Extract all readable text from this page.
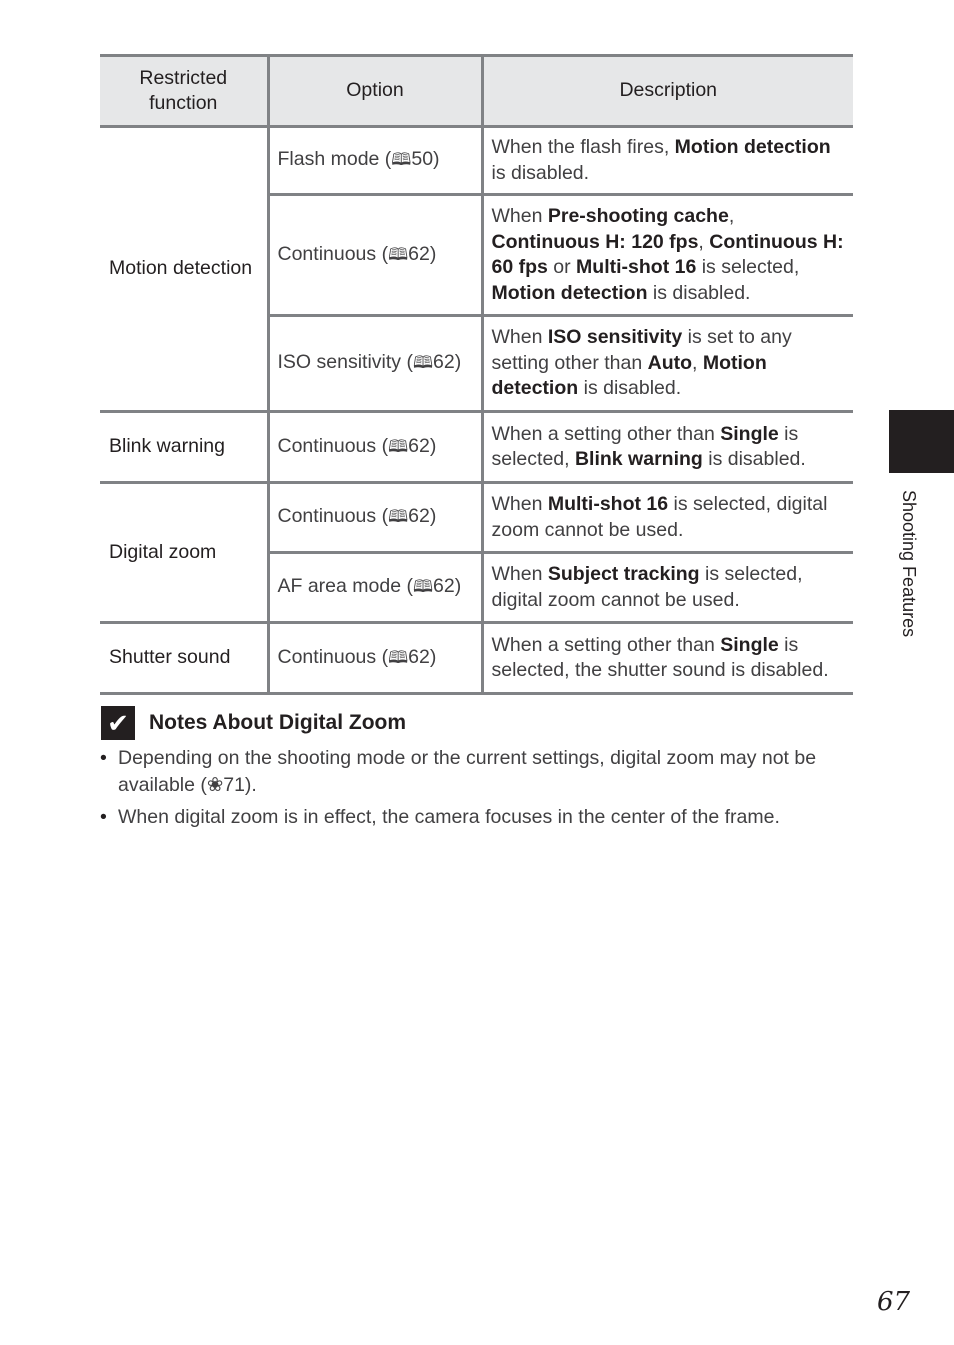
Restricted function	Option	Description
Motion detection	Flash mode (🕮50)	When the flash fires, Motion detection is disabled.
	Continuous (🕮62)	When Pre-shooting cache, Continuous H: 120 fps, Continuous H: 60 fps or Multi-shot 16 is selected, Motion detection is disabled.
	ISO sensitivity (🕮62)	When ISO sensitivity is set to any setting other than Auto, Motion detection is disabled.
Blink warning	Continuous (🕮62)	When a setting other than Single is selected, Blink warning is disabled.
Digital zoom	Continuous (🕮62)	When Multi-shot 16 is selected, digital zoom cannot be used.
	AF area mode (🕮62)	When Subject tracking is selected, digital zoom cannot be used.
Shutter sound	Continuous (🕮62)	When a setting other than Single is selected, the shutter sound is disabled.
✔ Notes About Digital Zoom
• Depending on the shooting mode or the current settings, digital zoom may not be available (❀71).
• When digital zoom is in effect, the camera focuses in the center of the frame.
Shooting Features
67
